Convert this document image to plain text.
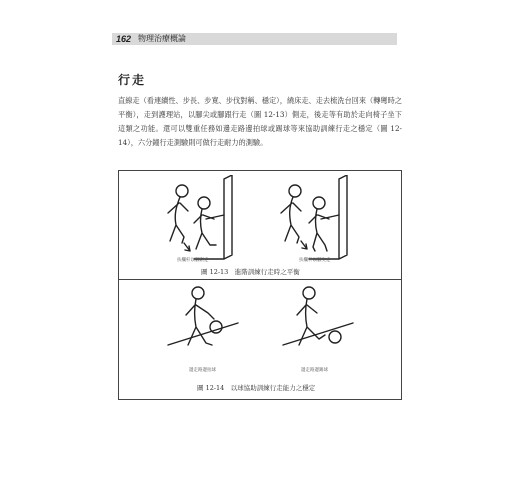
162 物理治療概論
行走
直線走（看連續性、步長、步寬、步伐對稱、穩定），繞床走、走去梳洗台回來（轉彎時之平衡），走到護理站，以腳尖或腳跟行走（圖 12-13）側走，後走等有助於走向椅子坐下這類之功能。還可以雙重任務如邊走路邊拍球或踢球等來協助訓練行走之穩定（圖 12-14），六分鐘行走測驗則可做行走耐力的測驗。
扶欄杆以腳跟走	扶欄杆以腳尖走
圖 12-13　進階訓練行走時之平衡
邊走路邊拍球	邊走路邊踢球
圖 12-14　以球協助訓練行走能力之穩定
